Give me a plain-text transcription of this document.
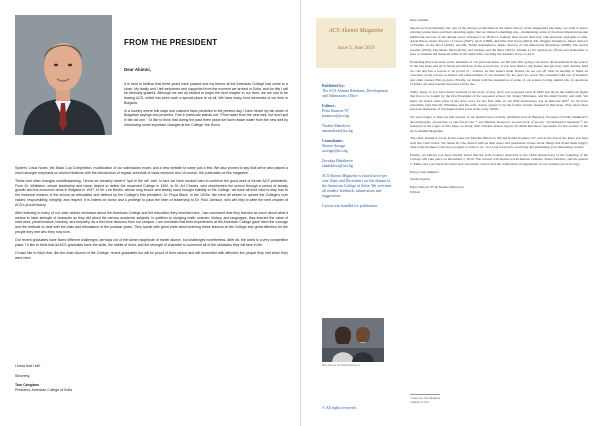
FROM THE PRESIDENT
Dear Alumni,

It is hard to believe that three years have passed and my tenure at the American College has come to a close. My family and I felt welcomed and supported from the moment we arrived in Sofia, and for this I will be eternally grateful. Although we are all excited to begin the next chapter in our lives, we are sad to be leaving ACS, which has been such a special place to us all. We have many fond memories of our time in Bulgaria.

In a country where folk ways and customs have persisted to the present day, I have heard my fair share of Bulgarian sayings and proverbs. One in particular stands out: "Flow water from the new well, but don't spit in the old one." I'd like to think that during the past three years we have drawn water from the new well by introducing some important changes at the College: the Honor

System, Lotus Notes, the Black Cup Competition, modification of our admissions exam, and a new website to name just a few. We also proved to say that we've also placed a much stronger emphasis on alumni relations with the introduction of regular schedule of class reunions and, of course, the publication of this magazine.

These and other changes notwithstanding, I know we certainly haven't "spit in the old" well. In fact, we have worked hard to continue the good work of former ACS presidents. From Dr. Whittaker, whose leadership and vision helped to define the reopened College in 1992, to Dr. Art Charles, who shepherded the school through a period of steady growth and the economic crisis in Bulgaria in 1997, to Mr. Lee Bristio, whose long tenure and steady hand brought stability to the College, we have all tried hard to stay true to the historical mission of the school as articulated and defined by the College's first president, Dr. Floyd Black, in the 1920s. We have all striven to uphold the College's core values: responsibility, integrity, and respect. It is indeed an honor and a privilege to pass the helm of leadership to Dr. Paul Johnson, who will help to write the next chapter of ACS's proud history.

After listening to many of our older alumni reminisce about the American College and the education they received here, I am convinced that they learned as much about what it means to have strength of character as they did about the various academic subjects. In addition to studying math, science, history, and languages, they learned the value of hard work, perseverance, honesty, and empathy. As a first-time alumnus from our campus, I am reminded that their experiences at the American College gave them the courage and the fortitude to deal with the trials and tribulations of the postwar years. They speak with great pride about learning these lessons at the College and great affection for the people they met who they now love.

Our recent graduates have faced different challenges, perhaps not of the same magnitude of earlier alumni, but challenges nonetheless. After all, the world is a very competitive place. I'd like to think that all ACS graduates have the skills, the habits of mind, and the strength of character to surmount all of the obstacles they will face in life.

I'd also like to think that, like the older Alumni of the College, recent graduates too will be proud of their school and will remember with affection the people they met when they were here.

I know that I will.

Sincerely,

Tom Cangiano
President, American College of Sofia
ACS Alumni Magazine
Issue 3, June 2010
Published by:
The ACS Alumni Relations, Development, and Admissions Office
Editors:
Petia Stanova '97
pstanova@acs.bg
Natalia Manolova
nmanolova@acs.bg
Consultants:
Sharon Savage
ssavage@acs.bg
Zornitsa Hadzhieva
zhadzhieva@acs.bg
ACS Alumni Magazine is issued twice per year (June and December) for the alumni of the American College of Sofia. We welcome all readers' feedback, submissions and suggestions.
Layout was handled for publication.
Petia Stanova and Natalia Manolova
© All rights reserved.

Dear Alumni,

Ahead we're incidentally into any of the diverse productions in the entire history of the magazine's last issue, we want to honor existing productions and their returning again, that we missed something else - maintaining some of the most important people behind the success of the annual report released over 2010-11, namely their recent directory. Our sincerest apologies to Mrs. Adela Bison, music director of Cuero (1997), Aloir (1998), and Wire Tail Story (2004); Ms. Maggie Yanakieva, music director of Fiddler on the Roof (2005), and Ms. Nadia Kandumova, music director of All Americans Broadway (2008), The Secret Garden (2009), The Music Man (2010), and Swingo and the Bard (2010). Thanks so for sparing no efforts and dedication to pass to students the musicals while at the same time coaching the students above to ACS.

Extending that look back on the moments of our previous issue, we felt that after going over major developments in the school in the last issue and ACS drama productions in the second one, it was now time to dig deeper and get busy with another field we call and has a reason to be proud of - science. In this issue's main feature we set out off with an attempt to make an overview of the science activities and achievements of our students for the past two years. We consulted with our of student's and other science Fair projects. Finally, we finish with the inspiration of some of our science loving alumni who in questions of future all started under here here before the.

Sadly, many of you have heard versions of the story of how ACS was reopened back in 1992 and about the numerous fights that had to be fought by the first President of the reopened school, Dr. Roger Whittaker, and his small faculty and staff. We knew we heard some parts of the story story for the first time on our 85th anniversary day in mid-and 2007. So we have extremely glad that Dr. Whittaker and his wife, Susan, agreed to be the former faculty featured in this issue. They share their precious memories of the inspirational years in the early 1990s.

We were happy to find out that several of our alumni were recently published here in Bulgaria. Excerpts of Petko Dinkhaev's autobiography, „Kopavanе от ума богатство"¹, and Dimitar Kenarov's second book of poetry, "Атлантидата свършва"², are featured on the pages of this issue, so along with valuable author reports by Maik Kristenov reportedly for the readers of the ACS Alumni Magazine.

The other alumni in focus in this issue are Martina Nikolova '96 and Polina Kozheva '97, and at the end of the issue you may read the Class Notes. We thank all who shared with us their news and passionate stories about things that make them happy! This is the moment to invite you again to write to us - in a look-forward to receiving and publishing your interesting stories!

Finally, we believe you have already heard that the Gala Concert dedicated to the 140th Anniversary of the founding of the College will take place on December 7, 2010. The concert will feature world-famous violinist, Vesko Vanchev, and his quartet to Make sure you check the latest news about the concert and the celebration arrangements on our website (www.acs.bg).

Enjoy your summer!

Warm regards,

Petia Stanova '97 & Natalia Manolova
Editors
¹ Light your Own Bulgaria
² Atlantis is Over
